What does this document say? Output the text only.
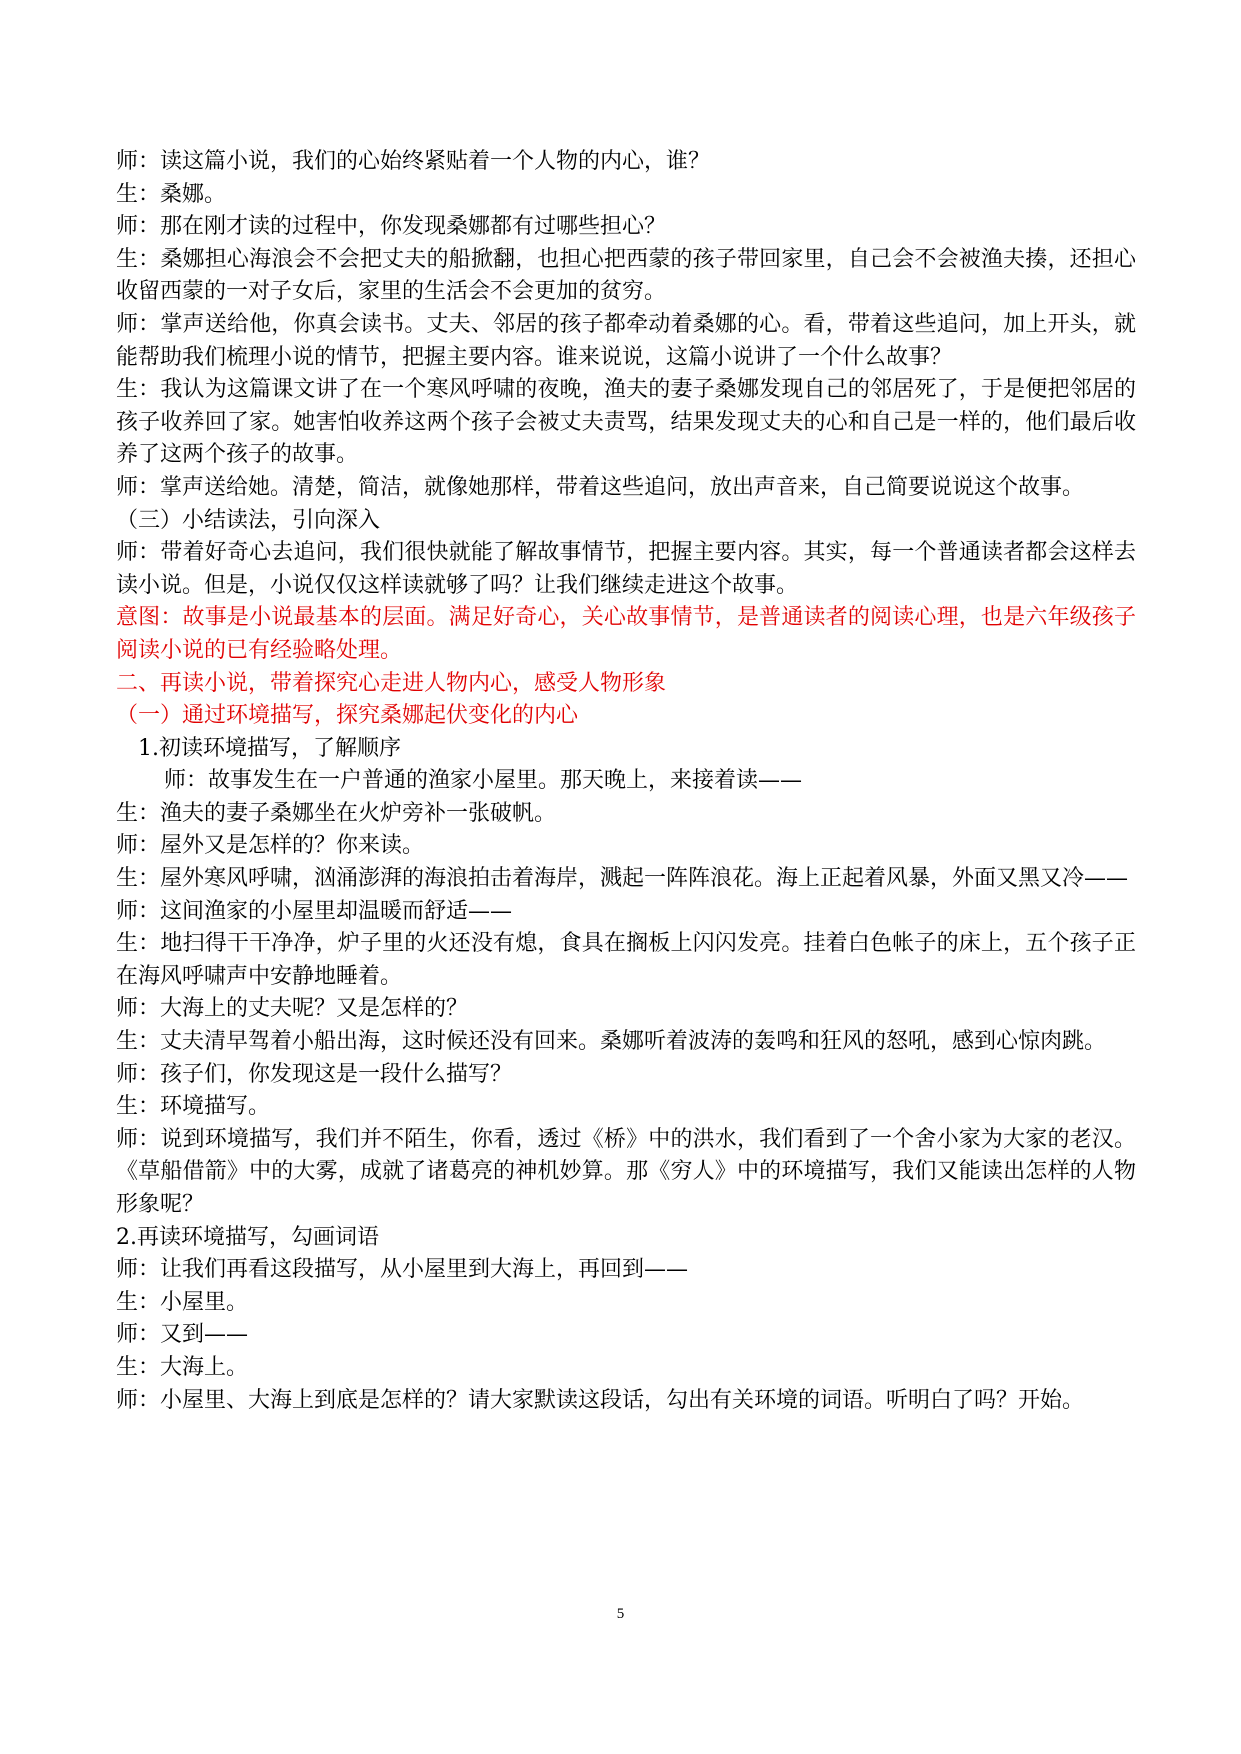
师：读这篇小说，我们的心始终紧贴着一个人物的内心，谁？

生：桑娜。

师：那在刚才读的过程中，你发现桑娜都有过哪些担心？

生：桑娜担心海浪会不会把丈夫的船掀翻，也担心把西蒙的孩子带回家里，自己会不会被渔夫揍，还担心收留西蒙的一对子女后，家里的生活会不会更加的贫穷。

师：掌声送给他，你真会读书。丈夫、邻居的孩子都牵动着桑娜的心。看，带着这些追问，加上开头，就能帮助我们梳理小说的情节，把握主要内容。谁来说说，这篇小说讲了一个什么故事？

生：我认为这篇课文讲了在一个寒风呼啸的夜晚，渔夫的妻子桑娜发现自己的邻居死了，于是便把邻居的孩子收养回了家。她害怕收养这两个孩子会被丈夫责骂，结果发现丈夫的心和自己是一样的，他们最后收养了这两个孩子的故事。

师：掌声送给她。清楚，简洁，就像她那样，带着这些追问，放出声音来，自己简要说说这个故事。

（三）小结读法，引向深入

师：带着好奇心去追问，我们很快就能了解故事情节，把握主要内容。其实，每一个普通读者都会这样去读小说。但是，小说仅仅这样读就够了吗？让我们继续走进这个故事。

意图：故事是小说最基本的层面。满足好奇心，关心故事情节，是普通读者的阅读心理，也是六年级孩子阅读小说的已有经验略处理。

二、再读小说，带着探究心走进人物内心，感受人物形象

（一）通过环境描写，探究桑娜起伏变化的内心

1.初读环境描写，了解顺序

师：故事发生在一户普通的渔家小屋里。那天晚上，来接着读——

生：渔夫的妻子桑娜坐在火炉旁补一张破帆。

师：屋外又是怎样的？你来读。

生：屋外寒风呼啸，汹涌澎湃的海浪拍击着海岸，溅起一阵阵浪花。海上正起着风暴，外面又黑又冷——

师：这间渔家的小屋里却温暖而舒适——

生：地扫得干干净净，炉子里的火还没有熄，食具在搁板上闪闪发亮。挂着白色帐子的床上，五个孩子正在海风呼啸声中安静地睡着。

师：大海上的丈夫呢？又是怎样的？

生：丈夫清早驾着小船出海，这时候还没有回来。桑娜听着波涛的轰鸣和狂风的怒吼，感到心惊肉跳。

师：孩子们，你发现这是一段什么描写？

生：环境描写。

师：说到环境描写，我们并不陌生，你看，透过《桥》中的洪水，我们看到了一个舍小家为大家的老汉。《草船借箭》中的大雾，成就了诸葛亮的神机妙算。那《穷人》中的环境描写，我们又能读出怎样的人物形象呢？

2.再读环境描写，勾画词语

师：让我们再看这段描写，从小屋里到大海上，再回到——

生：小屋里。

师：又到——

生：大海上。

师：小屋里、大海上到底是怎样的？请大家默读这段话，勾出有关环境的词语。听明白了吗？开始。

5
